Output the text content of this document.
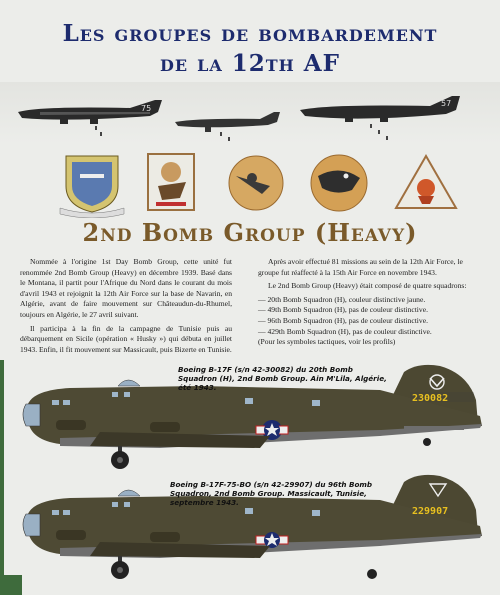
Les groupes de bombardement
de la 12th AF
75
57
2nd Bomb Group (Heavy)

Nommée à l'origine 1st Day Bomb Group, cette unité fut renommée 2nd Bomb Group (Heavy) en décembre 1939. Basé dans le Montana, il partit pour l'Afrique du Nord dans le courant du mois d'avril 1943 et rejoignit la 12th Air Force sur la base de Navarin, en Algérie, avant de faire mouvement sur Châteaudun-du-Rhumel, toujours en Algérie, le 27 avril suivant.

Il participa à la fin de la campagne de Tunisie puis au débarquement en Sicile (opération « Husky ») qui débuta en juillet 1943. Enfin, il fit mouvement sur Massicault, puis Bizerte en Tunisie.

Après avoir effectué 81 missions au sein de la 12th Air Force, le groupe fut réaffecté à la 15th Air Force en novembre 1943.

Le 2nd Bomb Group (Heavy) était composé de quatre squadrons:

— 20th Bomb Squadron (H), couleur distinctive jaune.

— 49th Bomb Squadron (H), pas de couleur distinctive.

— 96th Bomb Squadron (H), pas de couleur distinctive.

— 429th Bomb Squadron (H), pas de couleur distinctive.

(Pour les symboles tactiques, voir les profils)

230082
Boeing B-17F (s/n 42-30082) du 20th Bomb Squadron (H), 2nd Bomb Group. Ain M'Lila, Algérie, été 1943.
229907
Boeing B-17F-75-BO (s/n 42-29907) du 96th Bomb Squadron, 2nd Bomb Group. Massicault, Tunisie, septembre 1943.
